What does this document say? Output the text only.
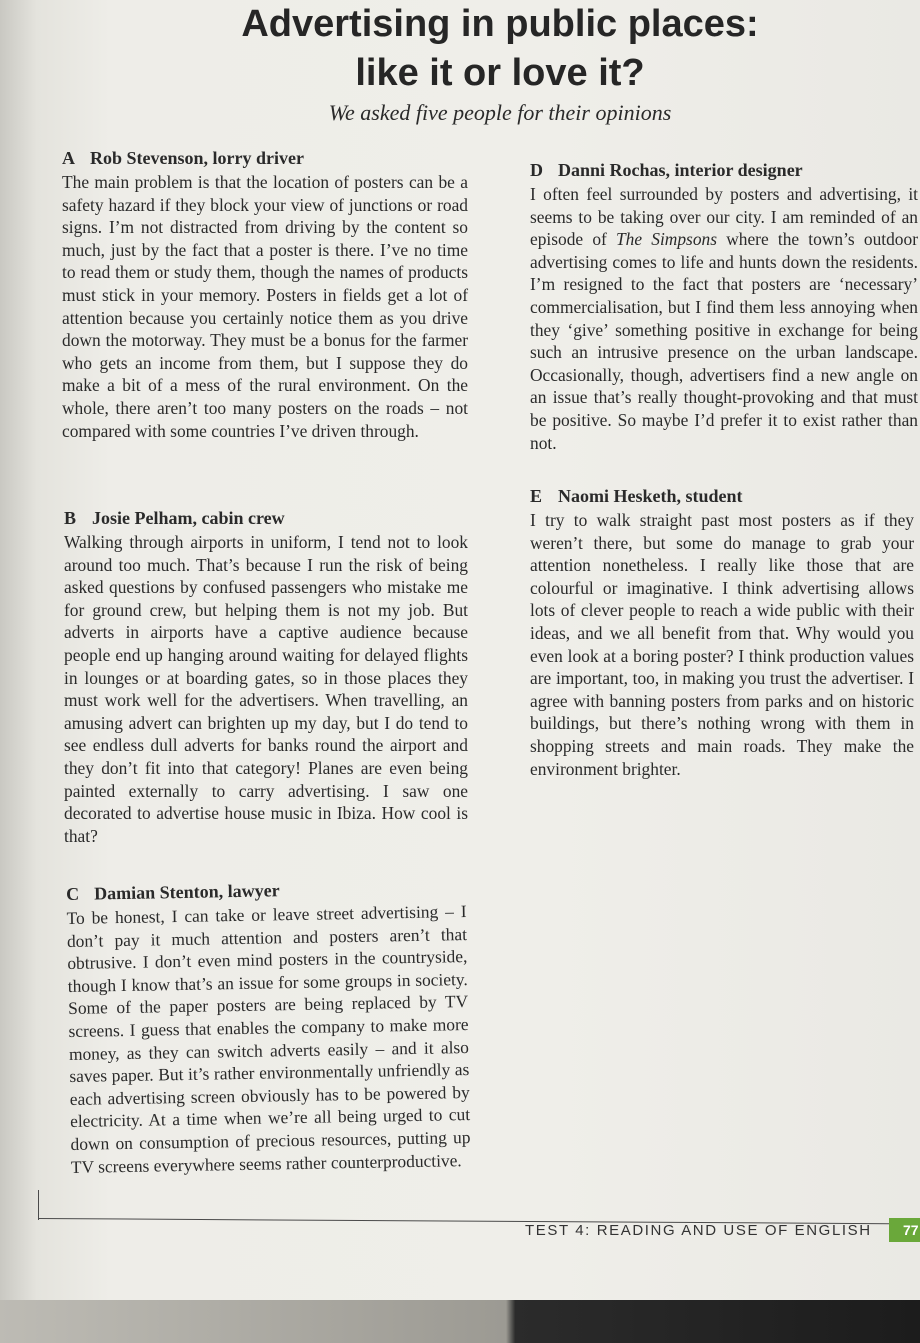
Advertising in public places:
like it or love it?
We asked five people for their opinions
A Rob Stevenson, lorry driver

The main problem is that the location of posters can be a safety hazard if they block your view of junctions or road signs. I’m not distracted from driving by the content so much, just by the fact that a poster is there. I’ve no time to read them or study them, though the names of products must stick in your memory. Posters in fields get a lot of attention because you certainly notice them as you drive down the motorway. They must be a bonus for the farmer who gets an income from them, but I suppose they do make a bit of a mess of the rural environment. On the whole, there aren’t too many posters on the roads – not compared with some countries I’ve driven through.

B Josie Pelham, cabin crew

Walking through airports in uniform, I tend not to look around too much. That’s because I run the risk of being asked questions by confused passengers who mistake me for ground crew, but helping them is not my job. But adverts in airports have a captive audience because people end up hanging around waiting for delayed flights in lounges or at boarding gates, so in those places they must work well for the advertisers. When travelling, an amusing advert can brighten up my day, but I do tend to see endless dull adverts for banks round the airport and they don’t fit into that category! Planes are even being painted externally to carry advertising. I saw one decorated to advertise house music in Ibiza. How cool is that?

C Damian Stenton, lawyer

To be honest, I can take or leave street advertising – I don’t pay it much attention and posters aren’t that obtrusive. I don’t even mind posters in the countryside, though I know that’s an issue for some groups in society. Some of the paper posters are being replaced by TV screens. I guess that enables the company to make more money, as they can switch adverts easily – and it also saves paper. But it’s rather environmentally unfriendly as each advertising screen obviously has to be powered by electricity. At a time when we’re all being urged to cut down on consumption of precious resources, putting up TV screens everywhere seems rather counterproductive.

D Danni Rochas, interior designer

I often feel surrounded by posters and advertising, it seems to be taking over our city. I am reminded of an episode of The Simpsons where the town’s outdoor advertising comes to life and hunts down the residents. I’m resigned to the fact that posters are ‘necessary’ commercialisation, but I find them less annoying when they ‘give’ something positive in exchange for being such an intrusive presence on the urban landscape. Occasionally, though, advertisers find a new angle on an issue that’s really thought-provoking and that must be positive. So maybe I’d prefer it to exist rather than not.

E Naomi Hesketh, student

I try to walk straight past most posters as if they weren’t there, but some do manage to grab your attention nonetheless. I really like those that are colourful or imaginative. I think advertising allows lots of clever people to reach a wide public with their ideas, and we all benefit from that. Why would you even look at a boring poster? I think production values are important, too, in making you trust the advertiser. I agree with banning posters from parks and on historic buildings, but there’s nothing wrong with them in shopping streets and main roads. They make the environment brighter.

TEST 4: READING AND USE OF ENGLISH	77
